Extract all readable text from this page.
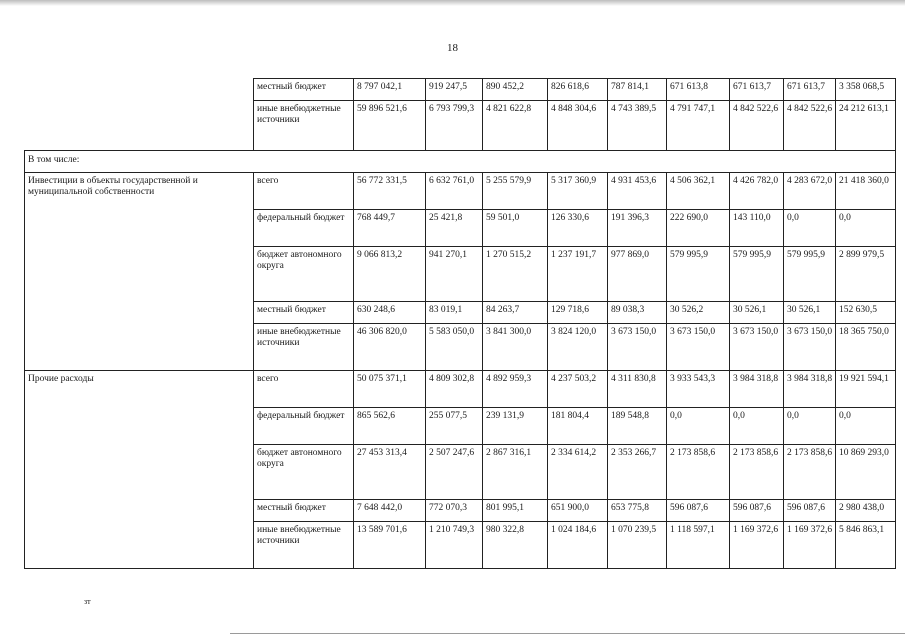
18
	местный бюджет	8 797 042,1	919 247,5	890 452,2	826 618,6	787 814,1	671 613,8	671 613,7	671 613,7	3 358 068,5
	иные внебюджетные источники	59 896 521,6	6 793 799,3	4 821 622,8	4 848 304,6	4 743 389,5	4 791 747,1	4 842 522,6	4 842 522,6	24 212 613,1
В том числе:										
Инвестиции в объекты государственной и муниципальной собственности	всего	56 772 331,5	6 632 761,0	5 255 579,9	5 317 360,9	4 931 453,6	4 506 362,1	4 426 782,0	4 283 672,0	21 418 360,0
	федеральный бюджет	768 449,7	25 421,8	59 501,0	126 330,6	191 396,3	222 690,0	143 110,0	0,0	0,0
	бюджет автономного округа	9 066 813,2	941 270,1	1 270 515,2	1 237 191,7	977 869,0	579 995,9	579 995,9	579 995,9	2 899 979,5
	местный бюджет	630 248,6	83 019,1	84 263,7	129 718,6	89 038,3	30 526,2	30 526,1	30 526,1	152 630,5
	иные внебюджетные источники	46 306 820,0	5 583 050,0	3 841 300,0	3 824 120,0	3 673 150,0	3 673 150,0	3 673 150,0	3 673 150,0	18 365 750,0
Прочие расходы	всего	50 075 371,1	4 809 302,8	4 892 959,3	4 237 503,2	4 311 830,8	3 933 543,3	3 984 318,8	3 984 318,8	19 921 594,1
	федеральный бюджет	865 562,6	255 077,5	239 131,9	181 804,4	189 548,8	0,0	0,0	0,0	0,0
	бюджет автономного округа	27 453 313,4	2 507 247,6	2 867 316,1	2 334 614,2	2 353 266,7	2 173 858,6	2 173 858,6	2 173 858,6	10 869 293,0
	местный бюджет	7 648 442,0	772 070,3	801 995,1	651 900,0	653 775,8	596 087,6	596 087,6	596 087,6	2 980 438,0
	иные внебюджетные источники	13 589 701,6	1 210 749,3	980 322,8	1 024 184,6	1 070 239,5	1 118 597,1	1 169 372,6	1 169 372,6	5 846 863,1
зт
